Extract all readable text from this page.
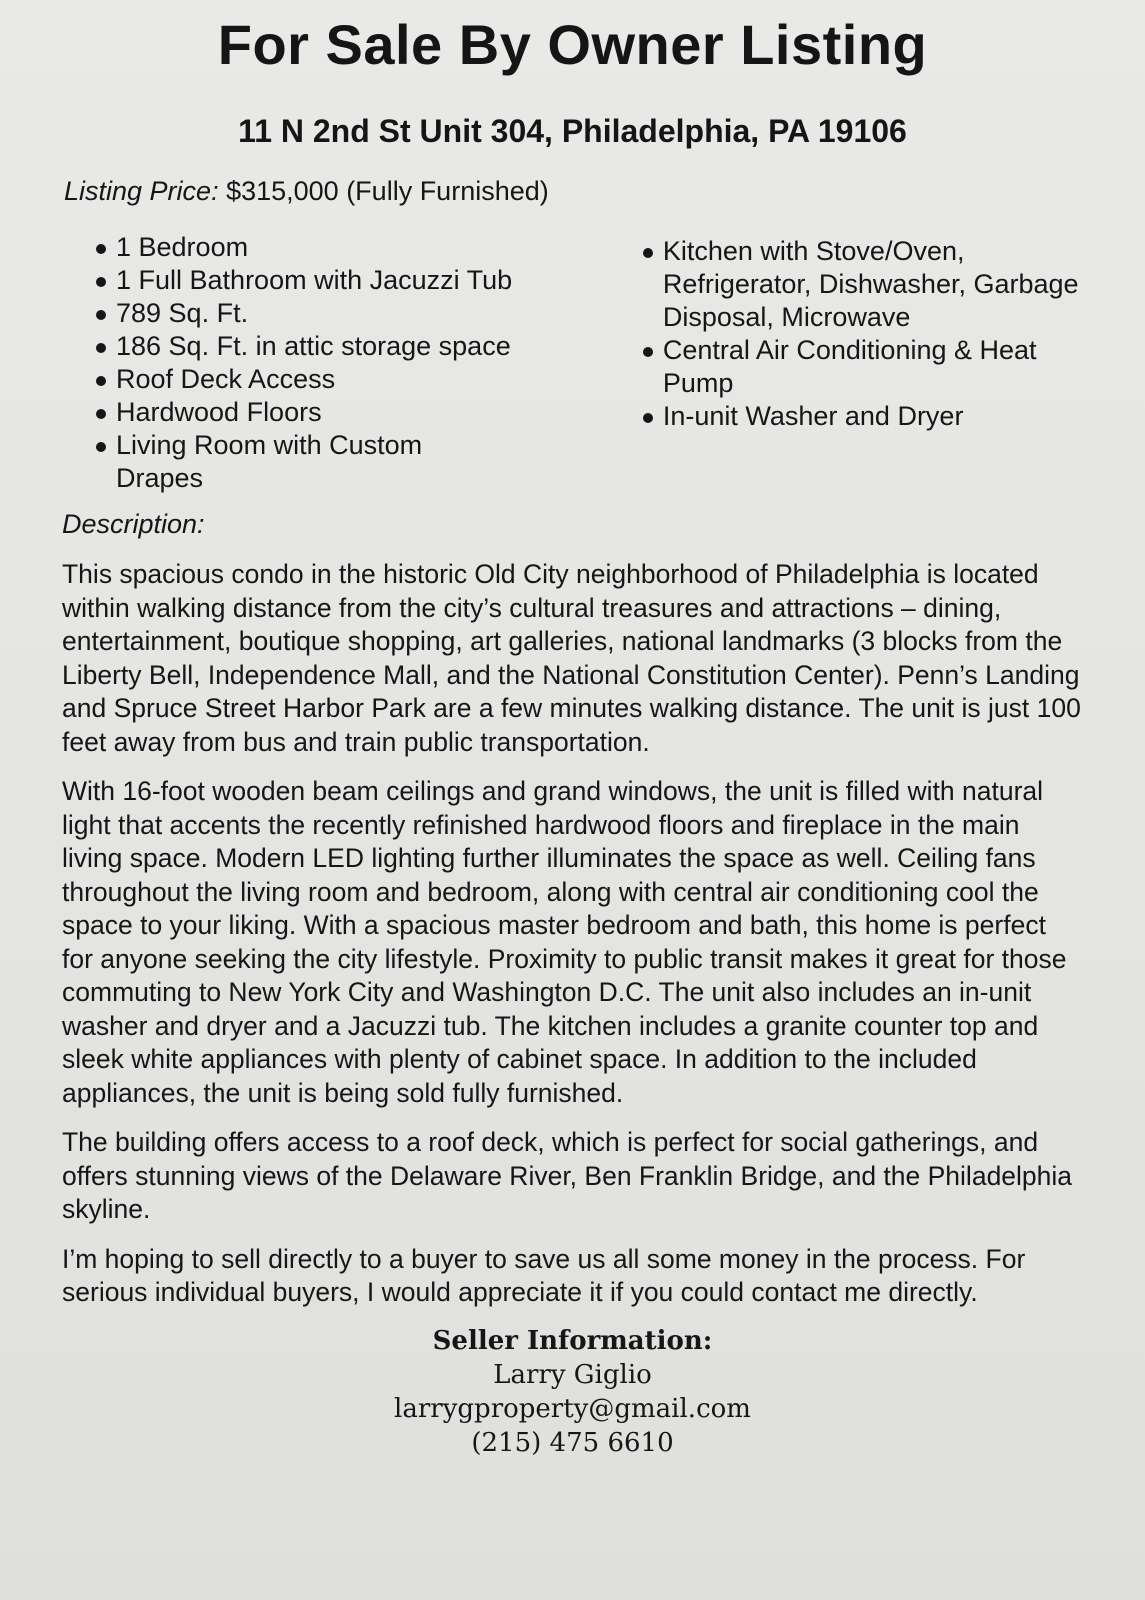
For Sale By Owner Listing
11 N 2nd St Unit 304, Philadelphia, PA 19106
Listing Price: $315,000 (Fully Furnished)
1 Bedroom
1 Full Bathroom with Jacuzzi Tub
789 Sq. Ft.
186 Sq. Ft. in attic storage space
Roof Deck Access
Hardwood Floors
Living Room with Custom Drapes
Kitchen with Stove/Oven, Refrigerator, Dishwasher, Garbage Disposal, Microwave
Central Air Conditioning & Heat Pump
In-unit Washer and Dryer
Description:

This spacious condo in the historic Old City neighborhood of Philadelphia is located within walking distance from the city’s cultural treasures and attractions – dining, entertainment, boutique shopping, art galleries, national landmarks (3 blocks from the Liberty Bell, Independence Mall, and the National Constitution Center). Penn’s Landing and Spruce Street Harbor Park are a few minutes walking distance. The unit is just 100 feet away from bus and train public transportation.

With 16-foot wooden beam ceilings and grand windows, the unit is filled with natural light that accents the recently refinished hardwood floors and fireplace in the main living space. Modern LED lighting further illuminates the space as well. Ceiling fans throughout the living room and bedroom, along with central air conditioning cool the space to your liking. With a spacious master bedroom and bath, this home is perfect for anyone seeking the city lifestyle. Proximity to public transit makes it great for those commuting to New York City and Washington D.C. The unit also includes an in-unit washer and dryer and a Jacuzzi tub. The kitchen includes a granite counter top and sleek white appliances with plenty of cabinet space. In addition to the included appliances, the unit is being sold fully furnished.

The building offers access to a roof deck, which is perfect for social gatherings, and offers stunning views of the Delaware River, Ben Franklin Bridge, and the Philadelphia skyline.

I’m hoping to sell directly to a buyer to save us all some money in the process. For serious individual buyers, I would appreciate it if you could contact me directly.

Seller Information:
Larry Giglio
larrygproperty@gmail.com
(215) 475 6610
